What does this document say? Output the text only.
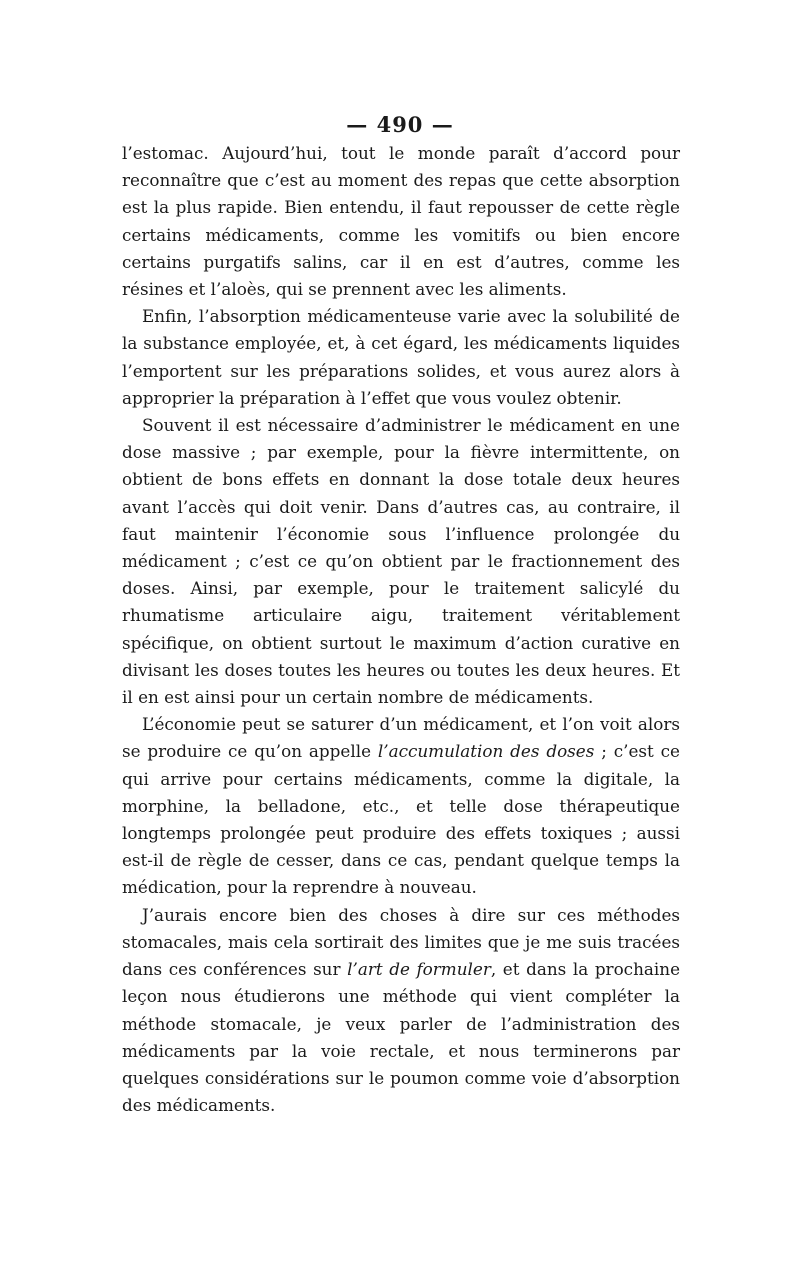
— 490 —

l’estomac. Aujourd’hui, tout le monde paraît d’accord pour reconnaître que c’est au moment des repas que cette absorption est la plus rapide. Bien entendu, il faut repousser de cette règle certains médicaments, comme les vomitifs ou bien encore certains purgatifs salins, car il en est d’autres, comme les résines et l’aloès, qui se prennent avec les aliments.

Enfin, l’absorption médicamenteuse varie avec la solubilité de la substance employée, et, à cet égard, les médicaments liquides l’emportent sur les préparations solides, et vous aurez alors à approprier la préparation à l’effet que vous voulez obtenir.

Souvent il est nécessaire d’administrer le médicament en une dose massive ; par exemple, pour la fièvre intermittente, on obtient de bons effets en donnant la dose totale deux heures avant l’accès qui doit venir. Dans d’autres cas, au contraire, il faut maintenir l’économie sous l’influence prolongée du médicament ; c’est ce qu’on obtient par le fractionnement des doses. Ainsi, par exemple, pour le traitement salicylé du rhumatisme articulaire aigu, traitement véritablement spécifique, on obtient surtout le maximum d’action curative en divisant les doses toutes les heures ou toutes les deux heures. Et il en est ainsi pour un certain nombre de médicaments.

L’économie peut se saturer d’un médicament, et l’on voit alors se produire ce qu’on appelle l’accumulation des doses ; c’est ce qui arrive pour certains médicaments, comme la digitale, la morphine, la belladone, etc., et telle dose thérapeutique longtemps prolongée peut produire des effets toxiques ; aussi est-il de règle de cesser, dans ce cas, pendant quelque temps la médication, pour la reprendre à nouveau.

J’aurais encore bien des choses à dire sur ces méthodes stomacales, mais cela sortirait des limites que je me suis tracées dans ces conférences sur l’art de formuler, et dans la prochaine leçon nous étudierons une méthode qui vient compléter la méthode stomacale, je veux parler de l’administration des médicaments par la voie rectale, et nous terminerons par quelques considérations sur le poumon comme voie d’absorption des médicaments.
